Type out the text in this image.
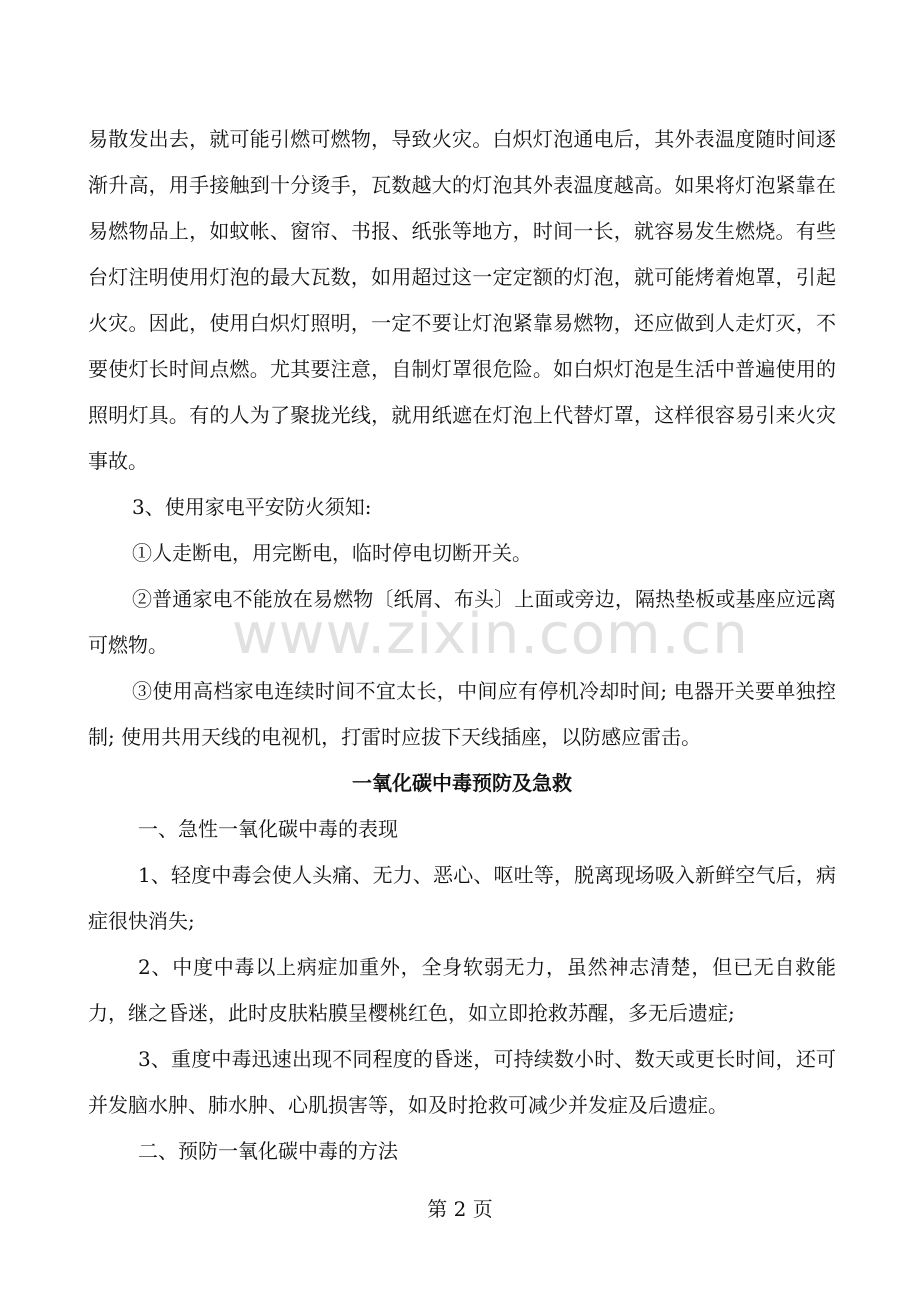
易散发出去，就可能引燃可燃物，导致火灾。白炽灯泡通电后，其外表温度随时间逐渐升高，用手接触到十分烫手，瓦数越大的灯泡其外表温度越高。如果将灯泡紧靠在易燃物品上，如蚊帐、窗帘、书报、纸张等地方，时间一长，就容易发生燃烧。有些台灯注明使用灯泡的最大瓦数，如用超过这一定定额的灯泡，就可能烤着炮罩，引起火灾。因此，使用白炽灯照明，一定不要让灯泡紧靠易燃物，还应做到人走灯灭，不要使灯长时间点燃。尤其要注意，自制灯罩很危险。如白炽灯泡是生活中普遍使用的照明灯具。有的人为了聚拢光线，就用纸遮在灯泡上代替灯罩，这样很容易引来火灾事故。

3、使用家电平安防火须知:

①人走断电，用完断电，临时停电切断开关。

②普通家电不能放在易燃物〔纸屑、布头〕上面或旁边，隔热垫板或基座应远离可燃物。

③使用高档家电连续时间不宜太长，中间应有停机冷却时间; 电器开关要单独控制; 使用共用天线的电视机，打雷时应拔下天线插座，以防感应雷击。

一氧化碳中毒预防及急救

一、急性一氧化碳中毒的表现

1、轻度中毒会使人头痛、无力、恶心、呕吐等，脱离现场吸入新鲜空气后，病症很快消失;

2、中度中毒以上病症加重外，全身软弱无力，虽然神志清楚，但已无自救能力，继之昏迷，此时皮肤粘膜呈樱桃红色，如立即抢救苏醒，多无后遗症;

3、重度中毒迅速出现不同程度的昏迷，可持续数小时、数天或更长时间，还可并发脑水肿、肺水肿、心肌损害等，如及时抢救可减少并发症及后遗症。

二、预防一氧化碳中毒的方法

www.zixin.com.cn
第 2 页
